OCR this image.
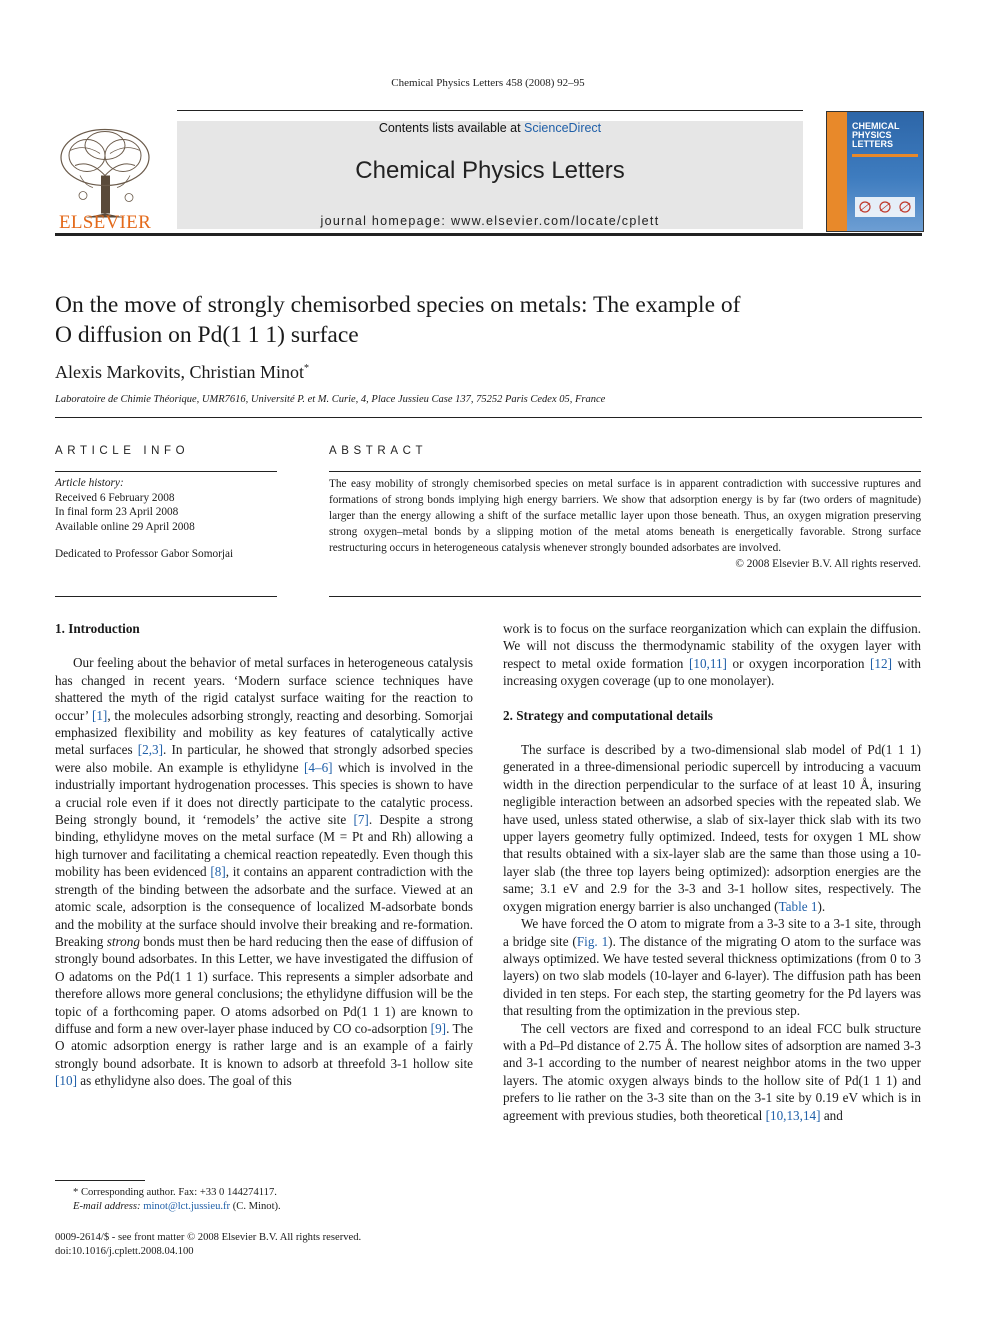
Chemical Physics Letters 458 (2008) 92–95
ELSEVIER
Contents lists available at ScienceDirect
Chemical Physics Letters
journal homepage: www.elsevier.com/locate/cplett
CHEMICAL
PHYSICS
LETTERS
On the move of strongly chemisorbed species on metals: The example of
O diffusion on Pd(1 1 1) surface
Alexis Markovits, Christian Minot*
Laboratoire de Chimie Théorique, UMR7616, Université P. et M. Curie, 4, Place Jussieu Case 137, 75252 Paris Cedex 05, France
ARTICLE INFO
Article history:
Received 6 February 2008
In final form 23 April 2008
Available online 29 April 2008
Dedicated to Professor Gabor Somorjai
ABSTRACT
The easy mobility of strongly chemisorbed species on metal surface is in apparent contradiction with successive ruptures and formations of strong bonds implying high energy barriers. We show that adsorption energy is by far (two orders of magnitude) larger than the energy allowing a shift of the surface metallic layer upon those beneath. Thus, an oxygen migration preserving strong oxygen–metal bonds by a slipping motion of the metal atoms beneath is energetically favorable. Strong surface restructuring occurs in heterogeneous catalysis whenever strongly bounded adsorbates are involved.
© 2008 Elsevier B.V. All rights reserved.
1. Introduction

Our feeling about the behavior of metal surfaces in heterogeneous catalysis has changed in recent years. ‘Modern surface science techniques have shattered the myth of the rigid catalyst surface waiting for the reaction to occur’ [1], the molecules adsorbing strongly, reacting and desorbing. Somorjai emphasized flexibility and mobility as key features of catalytically active metal surfaces [2,3]. In particular, he showed that strongly adsorbed species were also mobile. An example is ethylidyne [4–6] which is involved in the industrially important hydrogenation processes. This species is shown to have a crucial role even if it does not directly participate to the catalytic process. Being strongly bound, it ‘remodels’ the active site [7]. Despite a strong binding, ethylidyne moves on the metal surface (M = Pt and Rh) allowing a high turnover and facilitating a chemical reaction repeatedly. Even though this mobility has been evidenced [8], it contains an apparent contradiction with the strength of the binding between the adsorbate and the surface. Viewed at an atomic scale, adsorption is the consequence of localized M-adsorbate bonds and the mobility at the surface should involve their breaking and re-formation. Breaking strong bonds must then be hard reducing then the ease of diffusion of strongly bound adsorbates. In this Letter, we have investigated the diffusion of O adatoms on the Pd(1 1 1) surface. This represents a simpler adsorbate and therefore allows more general conclusions; the ethylidyne diffusion will be the topic of a forthcoming paper. O atoms adsorbed on Pd(1 1 1) are known to diffuse and form a new over-layer phase induced by CO co-adsorption [9]. The O atomic adsorption energy is rather large and is an example of a fairly strongly bound adsorbate. It is known to adsorb at threefold 3-1 hollow site [10] as ethylidyne also does. The goal of this

work is to focus on the surface reorganization which can explain the diffusion. We will not discuss the thermodynamic stability of the oxygen layer with respect to metal oxide formation [10,11] or oxygen incorporation [12] with increasing oxygen coverage (up to one monolayer).

2. Strategy and computational details

The surface is described by a two-dimensional slab model of Pd(1 1 1) generated in a three-dimensional periodic supercell by introducing a vacuum width in the direction perpendicular to the surface of at least 10 Å, insuring negligible interaction between an adsorbed species with the repeated slab. We have used, unless stated otherwise, a slab of six-layer thick slab with its two upper layers geometry fully optimized. Indeed, tests for oxygen 1 ML show that results obtained with a six-layer slab are the same than those using a 10-layer slab (the three top layers being optimized): adsorption energies are the same; 3.1 eV and 2.9 for the 3-3 and 3-1 hollow sites, respectively. The oxygen migration energy barrier is also unchanged (Table 1).

We have forced the O atom to migrate from a 3-3 site to a 3-1 site, through a bridge site (Fig. 1). The distance of the migrating O atom to the surface was always optimized. We have tested several thickness optimizations (from 0 to 3 layers) on two slab models (10-layer and 6-layer). The diffusion path has been divided in ten steps. For each step, the starting geometry for the Pd layers was that resulting from the optimization in the previous step.

The cell vectors are fixed and correspond to an ideal FCC bulk structure with a Pd–Pd distance of 2.75 Å. The hollow sites of adsorption are named 3-3 and 3-1 according to the number of nearest neighbor atoms in the two upper layers. The atomic oxygen always binds to the hollow site of Pd(1 1 1) and prefers to lie rather on the 3-3 site than on the 3-1 site by 0.19 eV which is in agreement with previous studies, both theoretical [10,13,14] and

* Corresponding author. Fax: +33 0 144274117.
E-mail address: minot@lct.jussieu.fr (C. Minot).
0009-2614/$ - see front matter © 2008 Elsevier B.V. All rights reserved.
doi:10.1016/j.cplett.2008.04.100
